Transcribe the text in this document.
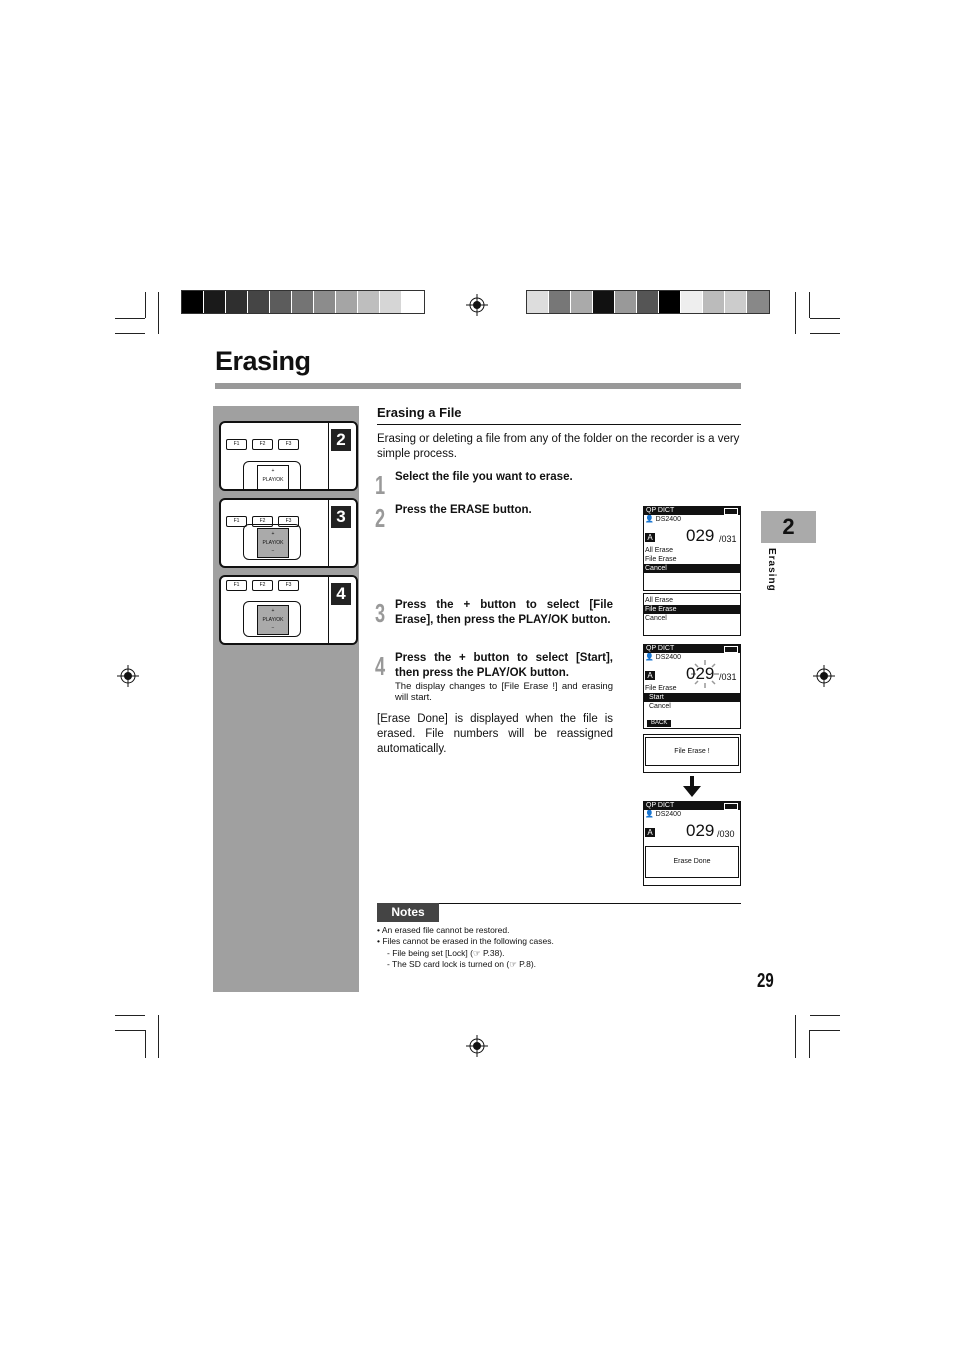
Erasing
F1	F2	F3
+
PLAY/OK
2
F1	F2	F3
+
PLAY/OK
−
3
F1	F2	F3
+
PLAY/OK
−
4
Erasing a File
Erasing or deleting a file from any of the folder on the recorder is a very simple process.
1 Select the file you want to erase.
2 Press the ERASE button.
3 Press the + button to select [File Erase], then press the PLAY/OK button.
4 Press the + button to select [Start], then press the PLAY/OK button.
The display changes to [File Erase !] and erasing will start.
[Erase Done] is displayed when the file is erased. File numbers will be reassigned automatically.
QP DICT
👤 DS2400
A 029 /031
All Erase
File Erase
Cancel
All Erase
File Erase
Cancel
QP DICT
👤 DS2400
A 029 /031
File Erase
Start
Cancel
BACK
File Erase !
QP DICT
👤 DS2400
A 029 /030
Erase Done
Notes
• An erased file cannot be restored.
• Files cannot be erased in the following cases.
- File being set [Lock] (☞ P.38).
- The SD card lock is turned on (☞ P.8).
2
Erasing
29
